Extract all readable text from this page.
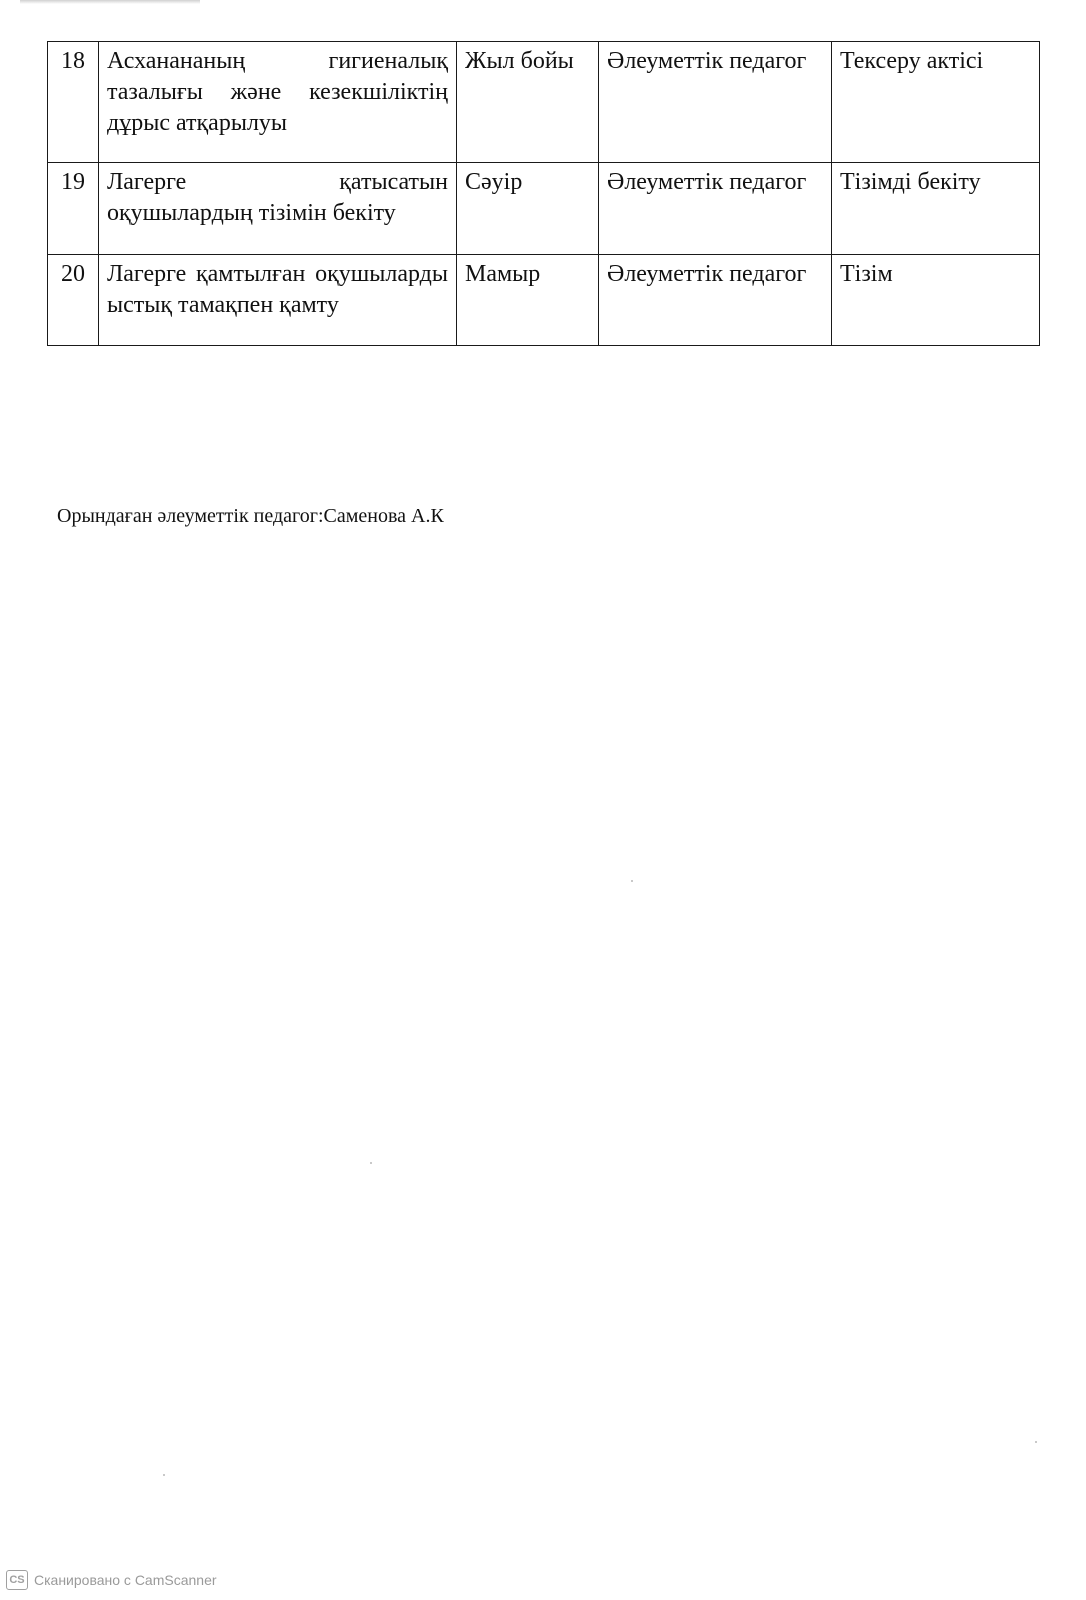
18	Асханананың гигиеналық тазалығы және кезекшіліктің дұрыс атқарылуы	Жыл бойы	Әлеуметтік педагог	Тексеру актісі
19	Лагерге қатысатын оқушылардың тізімін бекіту	Сәуір	Әлеуметтік педагог	Тізімді бекіту
20	Лагерге қамтылған оқушыларды ыстық тамақпен қамту	Мамыр	Әлеуметтік педагог	Тізім
Орындаған әлеуметтік педагог:Саменова А.К
CS Сканировано с CamScanner
